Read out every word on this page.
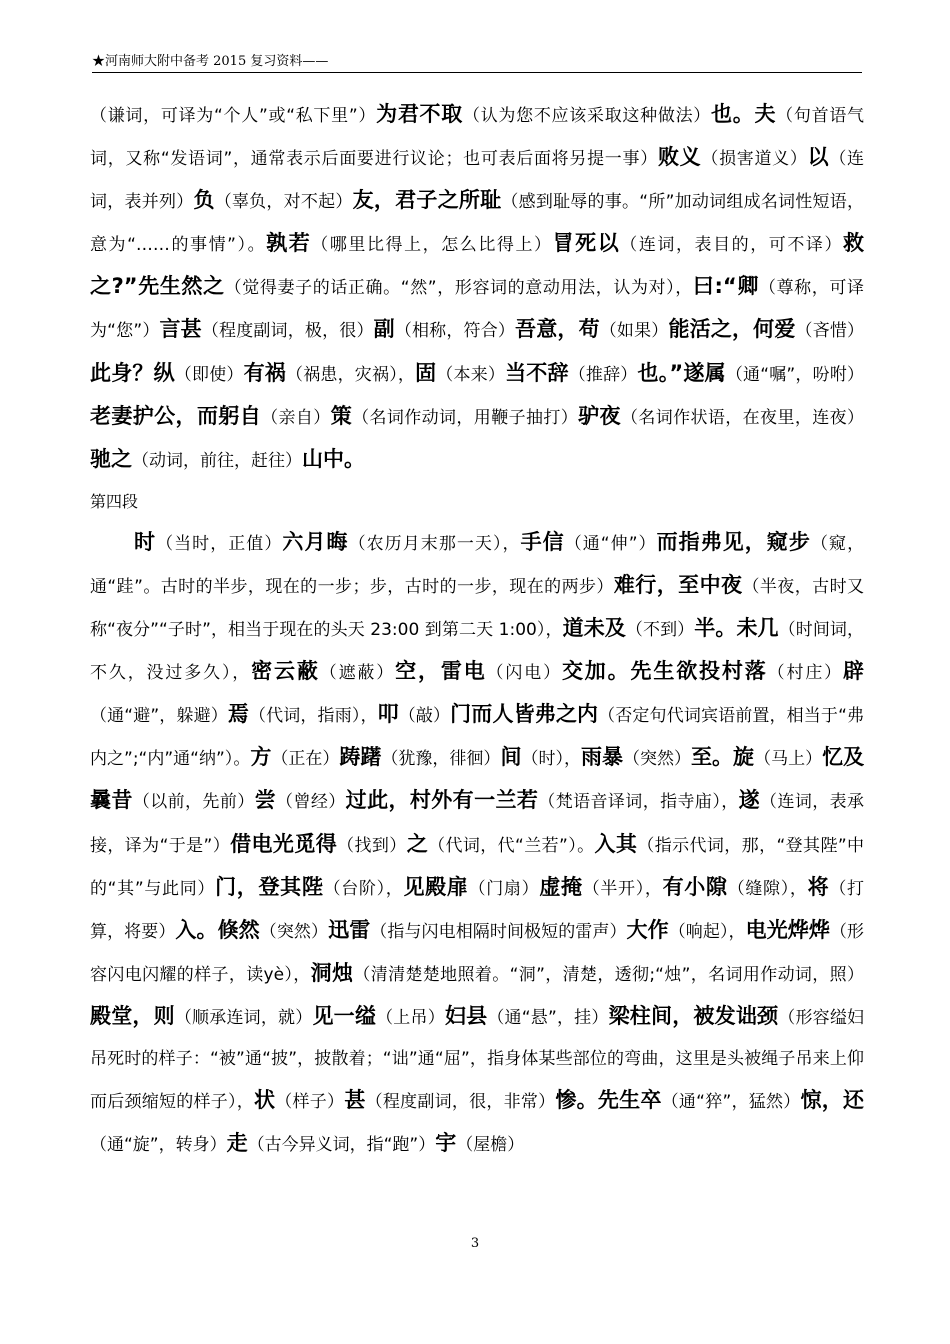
★河南师大附中备考 2015 复习资料——

（谦词，可译为“个人”或“私下里”）为君不取（认为您不应该采取这种做法）也。夫（句首语气词，又称“发语词”，通常表示后面要进行议论；也可表后面将另提一事）败义（损害道义）以（连词，表并列）负（辜负，对不起）友，君子之所耻（感到耻辱的事。“所”加动词组成名词性短语，意为“……的事情”）。孰若（哪里比得上，怎么比得上）冒死以（连词，表目的，可不译）救之?”先生然之（觉得妻子的话正确。“然”，形容词的意动用法，认为对），曰:“卿（尊称，可译为“您”）言甚（程度副词，极，很）副（相称，符合）吾意，苟（如果）能活之，何爱（吝惜）此身？纵（即使）有祸（祸患，灾祸），固（本来）当不辞（推辞）也。”遂属（通“嘱”，吩咐）老妻护公，而躬自（亲自）策（名词作动词，用鞭子抽打）驴夜（名词作状语，在夜里，连夜）驰之（动词，前往，赶往）山中。

第四段

时（当时，正值）六月晦（农历月末那一天），手信（通“伸”）而指弗见，窥步（窥，通“跬”。古时的半步，现在的一步；步，古时的一步，现在的两步）难行，至中夜（半夜，古时又称“夜分”“子时”，相当于现在的头天 23:00 到第二天 1:00），道未及（不到）半。未几（时间词，不久，没过多久），密云蔽（遮蔽）空，雷电（闪电）交加。先生欲投村落（村庄）辟（通“避”，躲避）焉（代词，指雨），叩（敲）门而人皆弗之内（否定句代词宾语前置，相当于“弗内之”;“内”通“纳”）。方（正在）踌躇（犹豫，徘徊）间（时），雨暴（突然）至。旋（马上）忆及曩昔（以前，先前）尝（曾经）过此，村外有一兰若（梵语音译词，指寺庙），遂（连词，表承接，译为“于是”）借电光觅得（找到）之（代词，代“兰若”）。入其（指示代词，那，“登其陛”中的“其”与此同）门，登其陛（台阶），见殿扉（门扇）虚掩（半开），有小隙（缝隙），将（打算，将要）入。倏然（突然）迅雷（指与闪电相隔时间极短的雷声）大作（响起），电光烨烨（形容闪电闪耀的样子，读yè），洞烛（清清楚楚地照着。“洞”，清楚，透彻;“烛”，名词用作动词，照）殿堂，则（顺承连词，就）见一缢（上吊）妇县（通“悬”，挂）梁柱间，被发诎颈（形容缢妇吊死时的样子：“被”通“披”，披散着；“诎”通“屈”，指身体某些部位的弯曲，这里是头被绳子吊来上仰而后颈缩短的样子），状（样子）甚（程度副词，很，非常）惨。先生卒（通“猝”，猛然）惊，还（通“旋”，转身）走（古今异义词，指“跑”）宇（屋檐）

3
